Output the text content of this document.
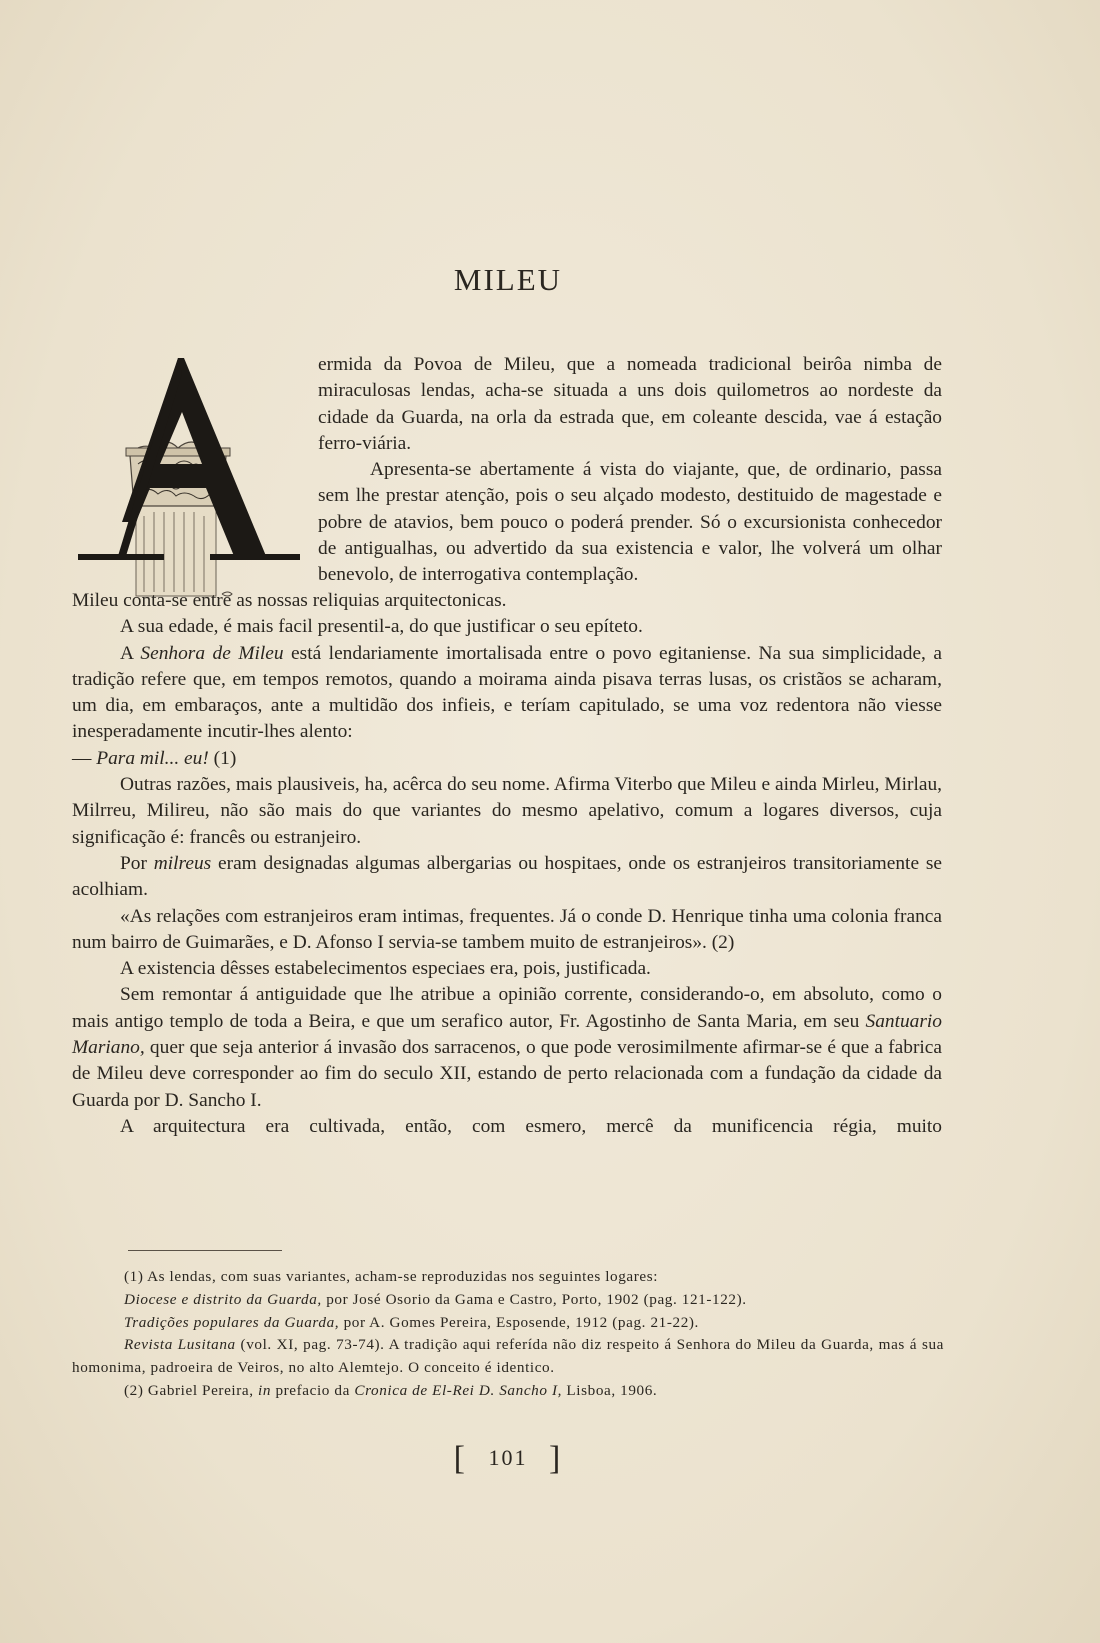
MILEU

ermida da Povoa de Mileu, que a nomeada tradicional beirôa nimba de miraculosas lendas, acha-se situada a uns dois quilometros ao nordeste da cidade da Guarda, na orla da estrada que, em coleante descida, vae á estação ferro-viária.

Apresenta-se abertamente á vista do viajante, que, de ordinario, passa sem lhe prestar atenção, pois o seu alçado modesto, destituido de magestade e pobre de atavios, bem pouco o poderá prender. Só o excursionista conhecedor de antigualhas, ou advertido da sua existencia e valor, lhe volverá um olhar benevolo, de interrogativa contemplação.

Mileu conta-se entre as nossas reliquias arquitectonicas.

A sua edade, é mais facil presentil-a, do que justificar o seu epíteto.

A Senhora de Mileu está lendariamente imortalisada entre o povo egitaniense. Na sua simplicidade, a tradição refere que, em tempos remotos, quando a moirama ainda pisava terras lusas, os cristãos se acharam, um dia, em embaraços, ante a multidão dos infieis, e teríam capitulado, se uma voz redentora não viesse inesperadamente incutir-lhes alento:

— Para mil... eu! (1)

Outras razões, mais plausiveis, ha, acêrca do seu nome. Afirma Viterbo que Mileu e ainda Mirleu, Mirlau, Milrreu, Milireu, não são mais do que variantes do mesmo apelativo, comum a logares diversos, cuja significação é: francês ou estranjeiro.

Por milreus eram designadas algumas albergarias ou hospitaes, onde os estranjeiros transitoriamente se acolhiam.

«As relações com estranjeiros eram intimas, frequentes. Já o conde D. Henrique tinha uma colonia franca num bairro de Guimarães, e D. Afonso I servia-se tambem muito de estranjeiros». (2)

A existencia dêsses estabelecimentos especiaes era, pois, justificada.

Sem remontar á antiguidade que lhe atribue a opinião corrente, considerando-o, em absoluto, como o mais antigo templo de toda a Beira, e que um serafico autor, Fr. Agostinho de Santa Maria, em seu Santuario Mariano, quer que seja anterior á invasão dos sarracenos, o que pode verosimilmente afirmar-se é que a fabrica de Mileu deve corresponder ao fim do seculo XII, estando de perto relacionada com a fundação da cidade da Guarda por D. Sancho I.

A arquitectura era cultivada, então, com esmero, mercê da munificencia régia, muito

(1) As lendas, com suas variantes, acham-se reproduzidas nos seguintes logares:

Diocese e distrito da Guarda, por José Osorio da Gama e Castro, Porto, 1902 (pag. 121-122).

Tradições populares da Guarda, por A. Gomes Pereira, Esposende, 1912 (pag. 21-22).

Revista Lusitana (vol. XI, pag. 73-74). A tradição aqui referída não diz respeito á Senhora do Mileu da Guarda, mas á sua homonima, padroeira de Veiros, no alto Alemtejo. O conceito é identico.

(2) Gabriel Pereira, in prefacio da Cronica de El-Rei D. Sancho I, Lisboa, 1906.

[ 101 ]
